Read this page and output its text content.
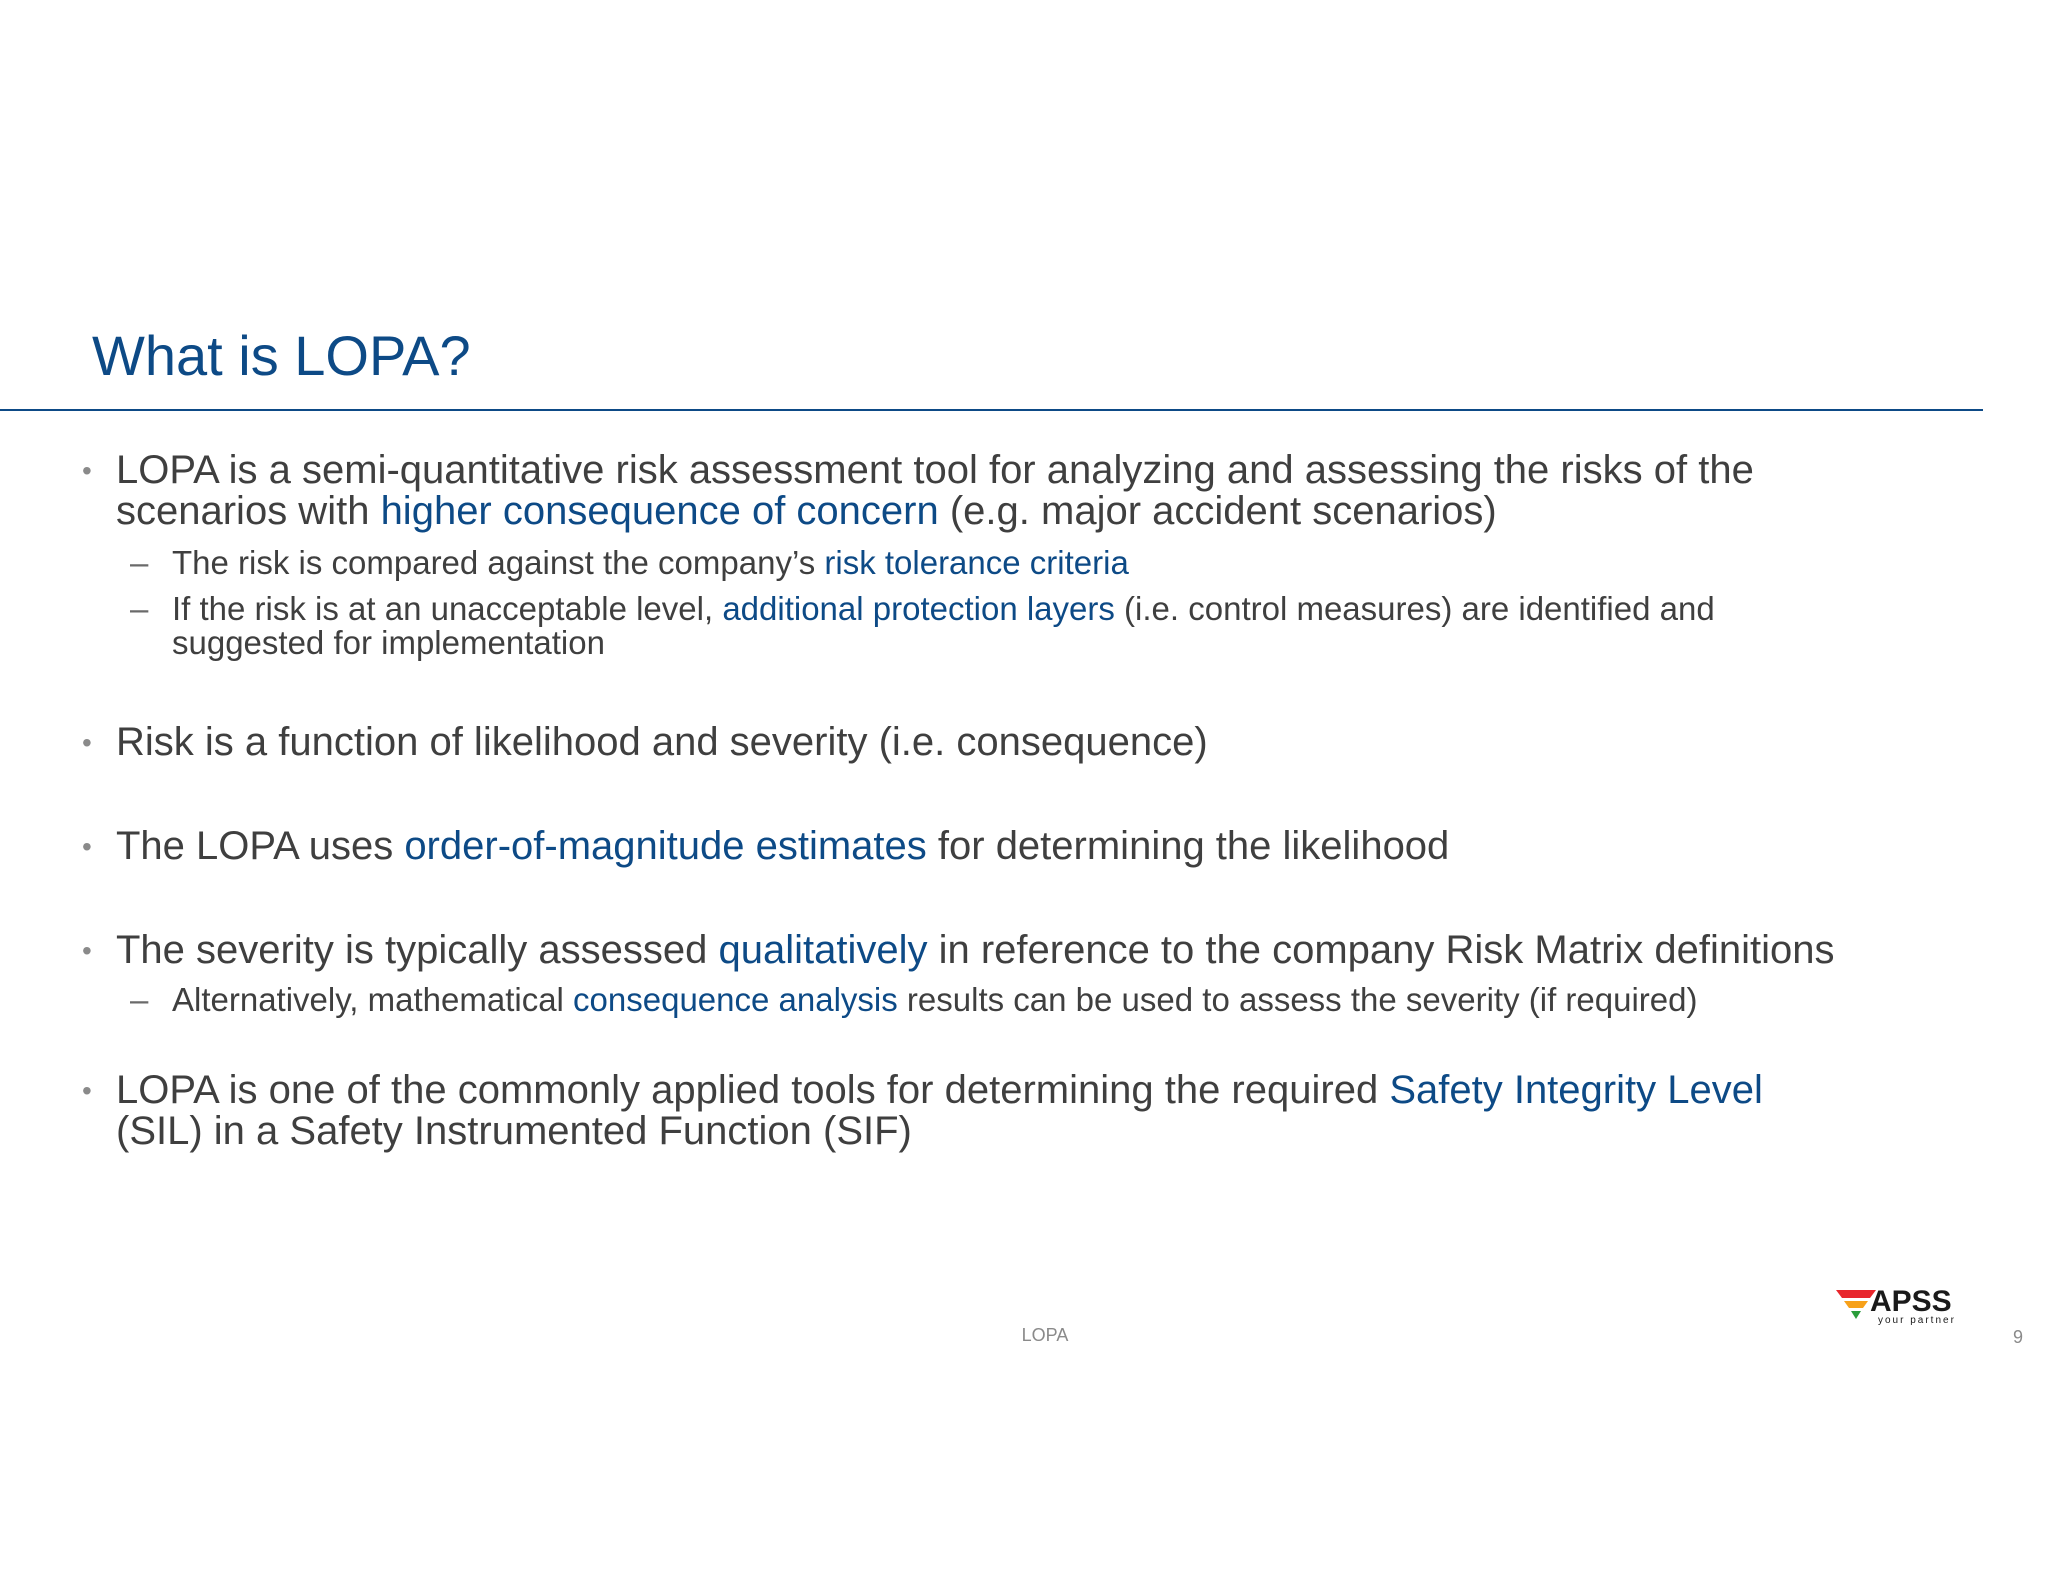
What is LOPA?
• LOPA is a semi-quantitative risk assessment tool for analyzing and assessing the risks of the
scenarios with higher consequence of concern (e.g. major accident scenarios)
– The risk is compared against the company’s risk tolerance criteria
– If the risk is at an unacceptable level, additional protection layers (i.e. control measures) are identified and
suggested for implementation
• Risk is a function of likelihood and severity (i.e. consequence)
• The LOPA uses order-of-magnitude estimates for determining the likelihood
• The severity is typically assessed qualitatively in reference to the company Risk Matrix definitions
– Alternatively, mathematical consequence analysis results can be used to assess the severity (if required)
• LOPA is one of the commonly applied tools for determining the required Safety Integrity Level
(SIL) in a Safety Instrumented Function (SIF)
LOPA	9
APSS
your partner
